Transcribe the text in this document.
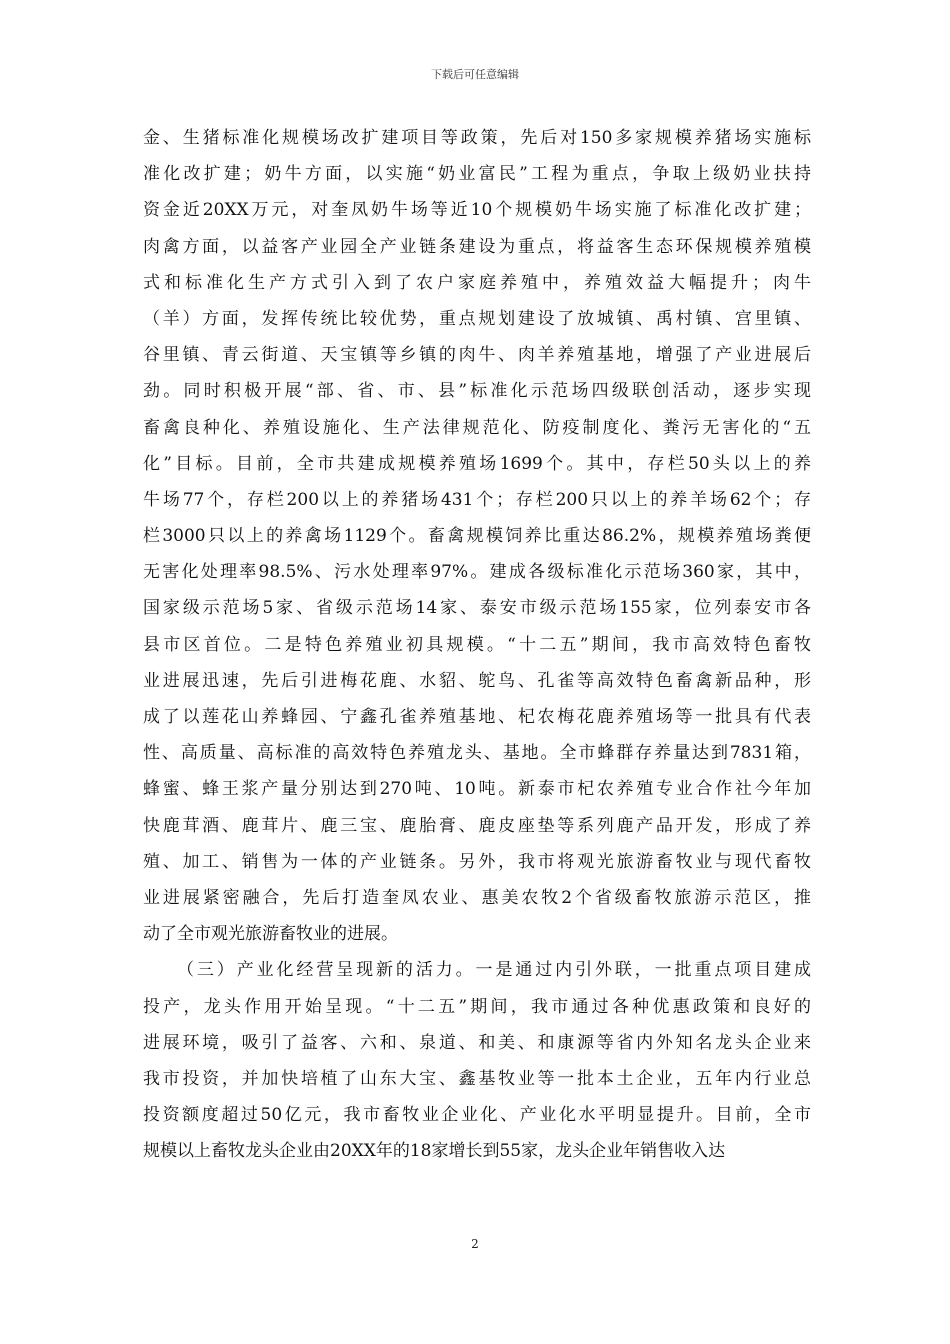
下载后可任意编辑
金、生猪标准化规模场改扩建项目等政策，先后对150多家规模养猪场实施标
准化改扩建；奶牛方面，以实施“奶业富民”工程为重点，争取上级奶业扶持
资金近20XX万元，对奎凤奶牛场等近10个规模奶牛场实施了标准化改扩建；
肉禽方面，以益客产业园全产业链条建设为重点，将益客生态环保规模养殖模
式和标准化生产方式引入到了农户家庭养殖中，养殖效益大幅提升；肉牛
（羊）方面，发挥传统比较优势，重点规划建设了放城镇、禹村镇、宫里镇、
谷里镇、青云街道、天宝镇等乡镇的肉牛、肉羊养殖基地，增强了产业进展后
劲。同时积极开展“部、省、市、县”标准化示范场四级联创活动，逐步实现
畜禽良种化、养殖设施化、生产法律规范化、防疫制度化、粪污无害化的“五
化”目标。目前，全市共建成规模养殖场1699个。其中，存栏50头以上的养
牛场77个，存栏200以上的养猪场431个；存栏200只以上的养羊场62个；存
栏3000只以上的养禽场1129个。畜禽规模饲养比重达86.2%，规模养殖场粪便
无害化处理率98.5%、污水处理率97%。建成各级标准化示范场360家，其中，
国家级示范场5家、省级示范场14家、泰安市级示范场155家，位列泰安市各
县市区首位。二是特色养殖业初具规模。“十二五”期间，我市高效特色畜牧
业进展迅速，先后引进梅花鹿、水貂、鸵鸟、孔雀等高效特色畜禽新品种，形
成了以莲花山养蜂园、宁鑫孔雀养殖基地、杞农梅花鹿养殖场等一批具有代表
性、高质量、高标准的高效特色养殖龙头、基地。全市蜂群存养量达到7831箱，
蜂蜜、蜂王浆产量分别达到270吨、10吨。新泰市杞农养殖专业合作社今年加
快鹿茸酒、鹿茸片、鹿三宝、鹿胎膏、鹿皮座垫等系列鹿产品开发，形成了养
殖、加工、销售为一体的产业链条。另外，我市将观光旅游畜牧业与现代畜牧
业进展紧密融合，先后打造奎凤农业、惠美农牧2个省级畜牧旅游示范区，推
动了全市观光旅游畜牧业的进展。
（三）产业化经营呈现新的活力。一是通过内引外联，一批重点项目建成
投产，龙头作用开始呈现。“十二五”期间，我市通过各种优惠政策和良好的
进展环境，吸引了益客、六和、泉道、和美、和康源等省内外知名龙头企业来
我市投资，并加快培植了山东大宝、鑫基牧业等一批本土企业，五年内行业总
投资额度超过50亿元，我市畜牧业企业化、产业化水平明显提升。目前，全市
规模以上畜牧龙头企业由20XX年的18家增长到55家，龙头企业年销售收入达
2
